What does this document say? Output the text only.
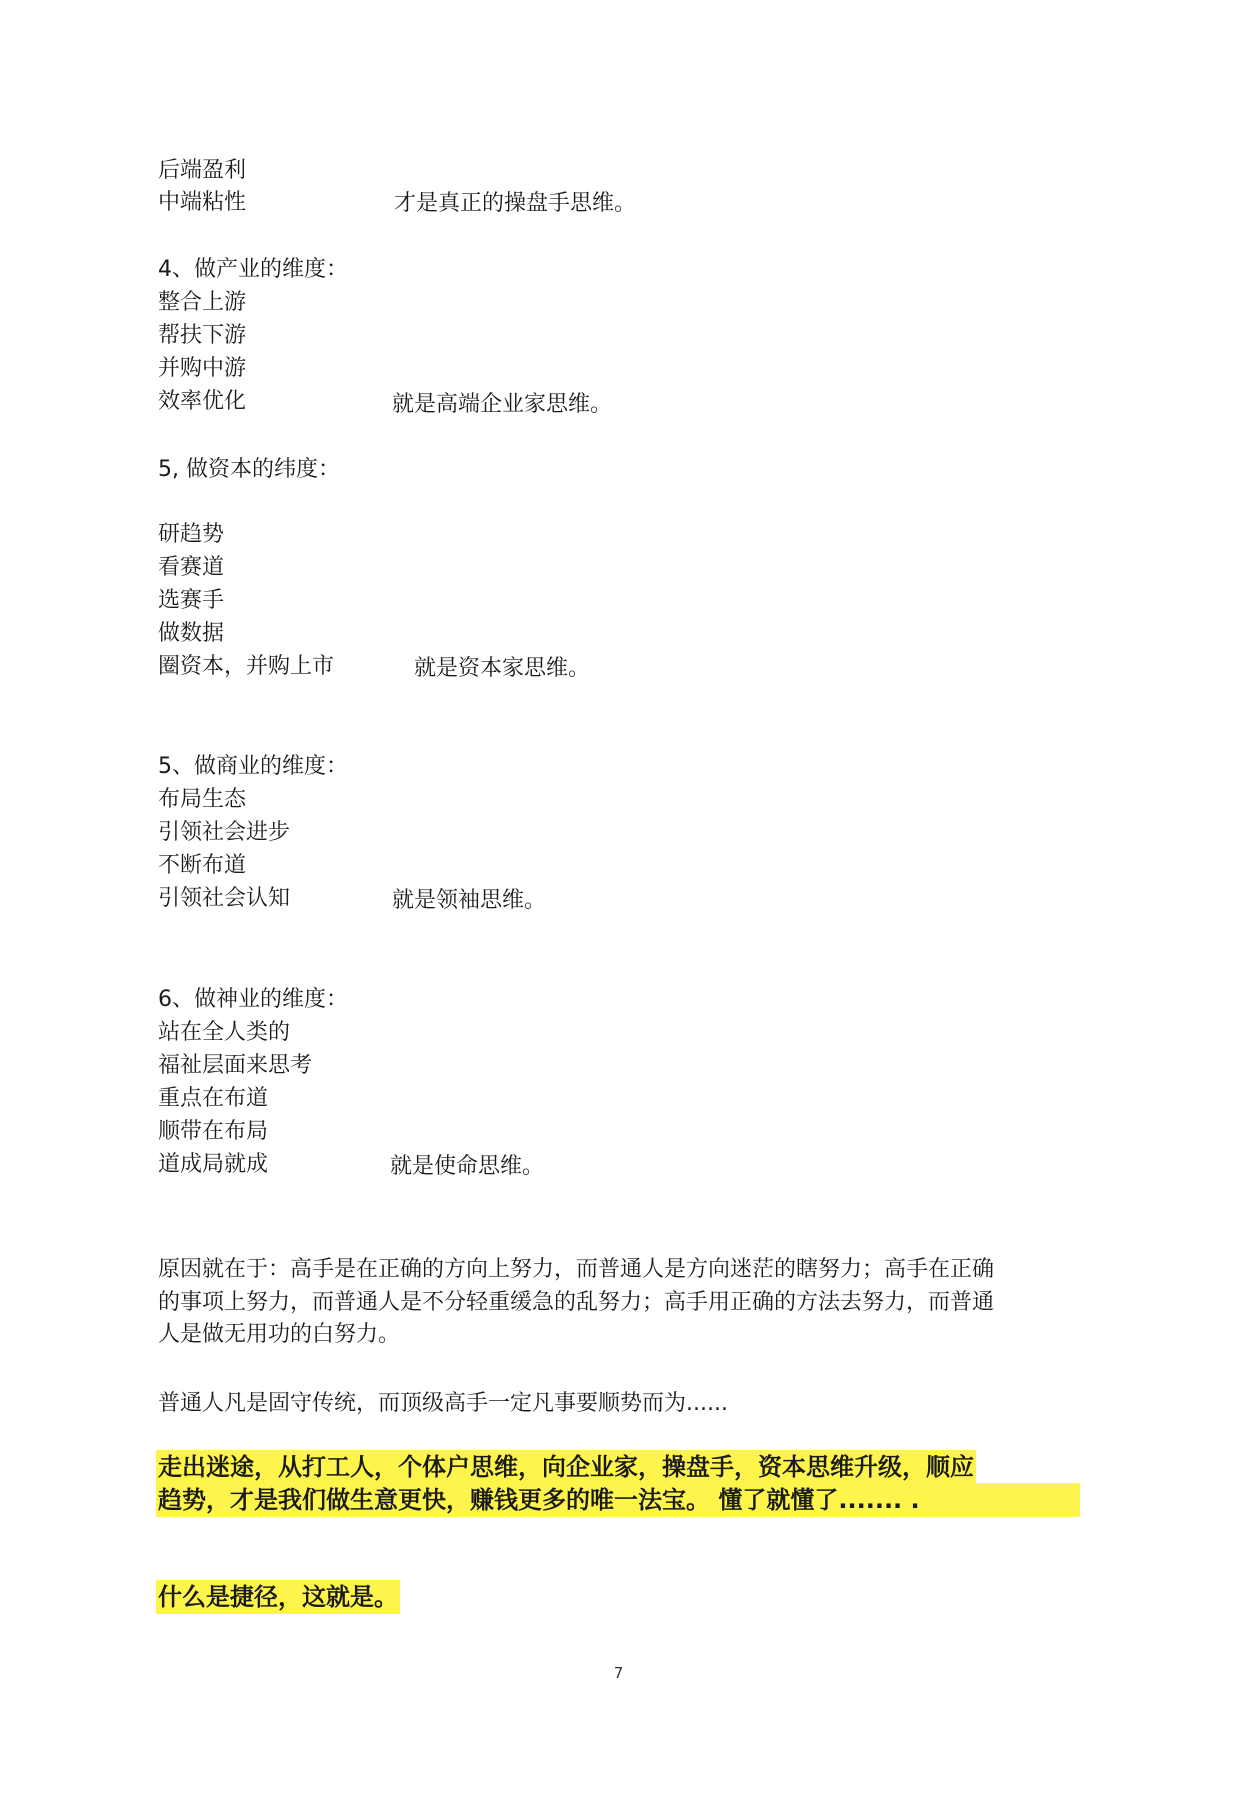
后端盈利
中端粘性	才是真正的操盘手思维。
4、做产业的维度：
整合上游
帮扶下游
并购中游
效率优化	就是高端企业家思维。
5, 做资本的纬度：
研趋势
看赛道
选赛手
做数据
圈资本，并购上市	就是资本家思维。
5、做商业的维度：
布局生态
引领社会进步
不断布道
引领社会认知	就是领袖思维。
6、做神业的维度：
站在全人类的
福祉层面来思考
重点在布道
顺带在布局
道成局就成	就是使命思维。
原因就在于：高手是在正确的方向上努力，而普通人是方向迷茫的瞎努力；高手在正确
的事项上努力，而普通人是不分轻重缓急的乱努力；高手用正确的方法去努力，而普通
人是做无用功的白努力。
普通人凡是固守传统，而顶级高手一定凡事要顺势而为......
走出迷途，从打工人，个体户思维，向企业家，操盘手，资本思维升级，顺应
趋势，才是我们做生意更快，赚钱更多的唯一法宝。 懂了就懂了....... .
什么是捷径，这就是。
7
